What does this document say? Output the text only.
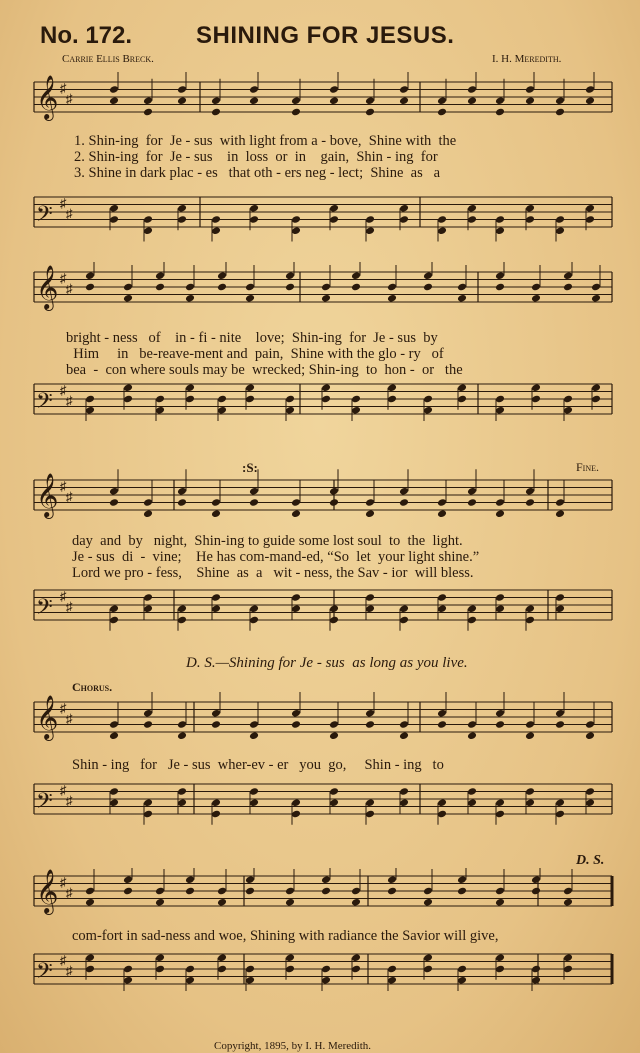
No. 172.	SHINING FOR JESUS.
Carrie Ellis Breck.	I. H. Meredith.
𝄞 ♯
♯
𝄢 ♯
♯
𝄞 ♯
♯
𝄢 ♯
♯
𝄞 ♯
♯
𝄢 ♯
♯
𝄞 ♯
♯
𝄢 ♯
♯
𝄞 ♯
♯
𝄢 ♯
♯
1. Shin-ing  for  Je - sus  with light from a - bove,  Shine with  the
2. Shin-ing  for  Je - sus    in  loss  or  in    gain,  Shin - ing  for
3. Shine in dark plac - es   that oth - ers neg - lect;  Shine  as   a
bright - ness   of    in - fi - nite    love;  Shin-ing  for  Je - sus  by
Him     in   be-reave-ment and  pain,  Shine with the glo - ry   of
bea  -  con where souls may be  wrecked; Shin-ing  to  hon -  or   the
:S:	Fine.
day  and  by   night,  Shin-ing to guide some lost soul  to  the  light.
Je - sus  di  -  vine;    He has com-mand-ed, “So  let  your light shine.”
Lord we pro - fess,    Shine  as  a   wit - ness, the Sav - ior  will bless.
D. S.—Shining for Je - sus  as long as you live.
Chorus.
Shin - ing   for   Je - sus  wher-ev - er   you  go,     Shin - ing   to
D. S.
com-fort in sad-ness and woe, Shining with radiance the Savior will give,
Copyright, 1895, by I. H. Meredith.
